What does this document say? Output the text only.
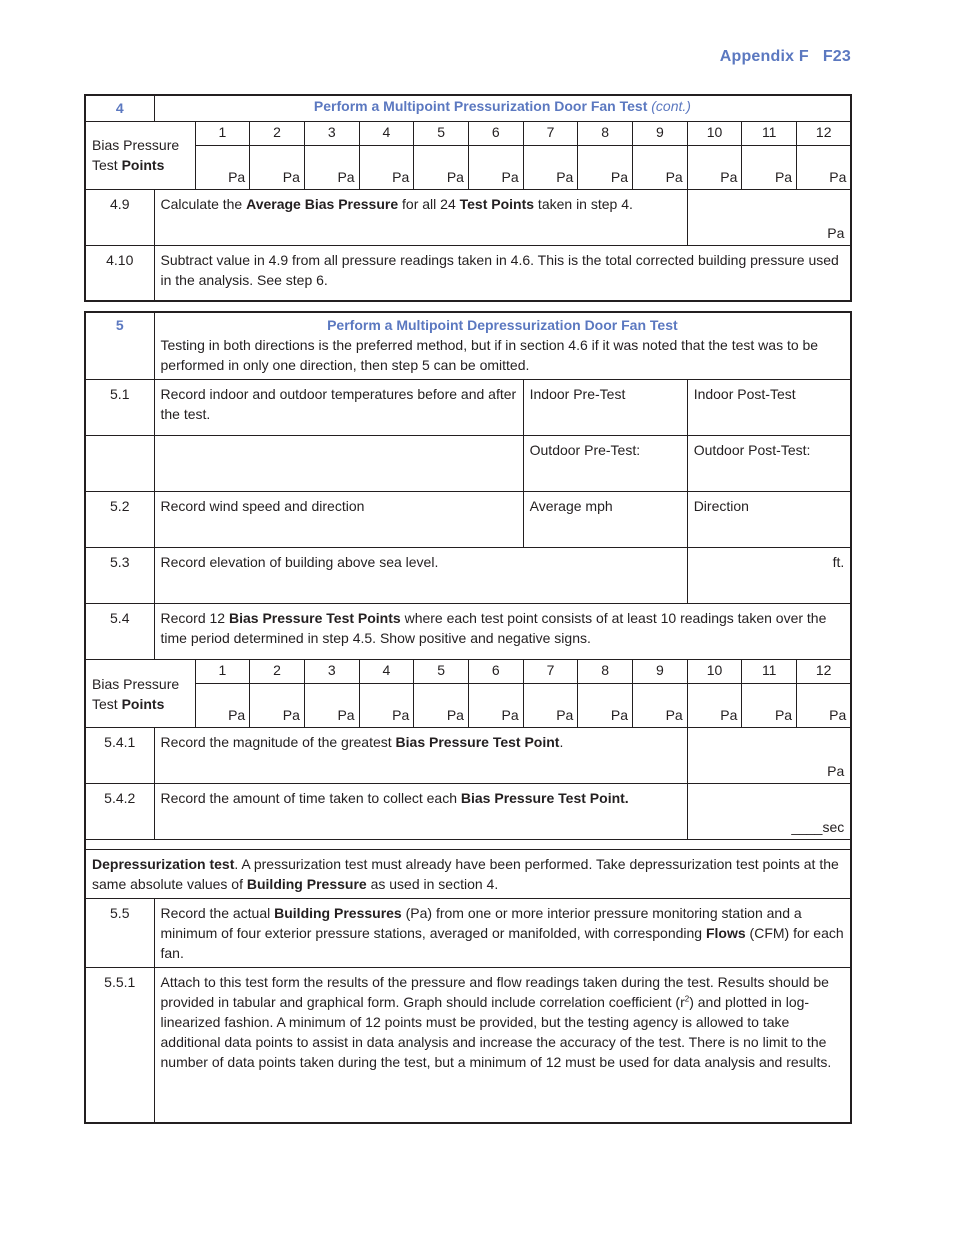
Appendix F F23
4	Perform a Multipoint Pressurization Door Fan Test (cont.)												
Bias Pressure
Test Points		1	2	3	4	5	6	7	8	9	10	11	12
		Pa	Pa	Pa	Pa	Pa	Pa	Pa	Pa	Pa	Pa	Pa	Pa
4.9	Calculate the Average Bias Pressure for all 24 Test Points taken in step 4.										Pa		
4.10	Subtract value in 4.9 from all pressure readings taken in 4.6. This is the total corrected building pressure used in the analysis. See step 6.												
5	Perform a Multipoint Depressurization Door Fan Test
Testing in both directions is the preferred method, but if in section 4.6 if it was noted that the test was to be performed in only one direction, then step 5 can be omitted.												

5.1	Record indoor and outdoor temperatures before and after the test.							Indoor Pre-Test			Indoor Post-Test		
								Outdoor Pre-Test:			Outdoor Post-Test:		
5.2	Record wind speed and direction							Average mph			Direction		
5.3	Record elevation of building above sea level.										ft.		
5.4	Record 12 Bias Pressure Test Points where each test point consists of at least 10 readings taken over the time period determined in step 4.5. Show positive and negative signs.												
Bias Pressure
Test Points		1	2	3	4	5	6	7	8	9	10	11	12
		Pa	Pa	Pa	Pa	Pa	Pa	Pa	Pa	Pa	Pa	Pa	Pa
5.4.1	Record the magnitude of the greatest Bias Pressure Test Point.										Pa		
5.4.2	Record the amount of time taken to collect each Bias Pressure Test Point.										____sec		

Depressurization test. A pressurization test must already have been performed. Take depressurization test points at the same absolute values of Building Pressure as used in section 4.													
5.5	Record the actual Building Pressures (Pa) from one or more interior pressure monitoring station and a minimum of four exterior pressure stations, averaged or manifolded, with corresponding Flows (CFM) for each fan.												
5.5.1	Attach to this test form the results of the pressure and flow readings taken during the test. Results should be provided in tabular and graphical form. Graph should include correlation coefficient $(r^2)$ and plotted in log-linearized fashion. A minimum of 12 points must be provided, but the testing agency is allowed to take additional data points to assist in data analysis and increase the accuracy of the test. There is no limit to the number of data points taken during the test, but a minimum of 12 must be used for data analysis and results.												
